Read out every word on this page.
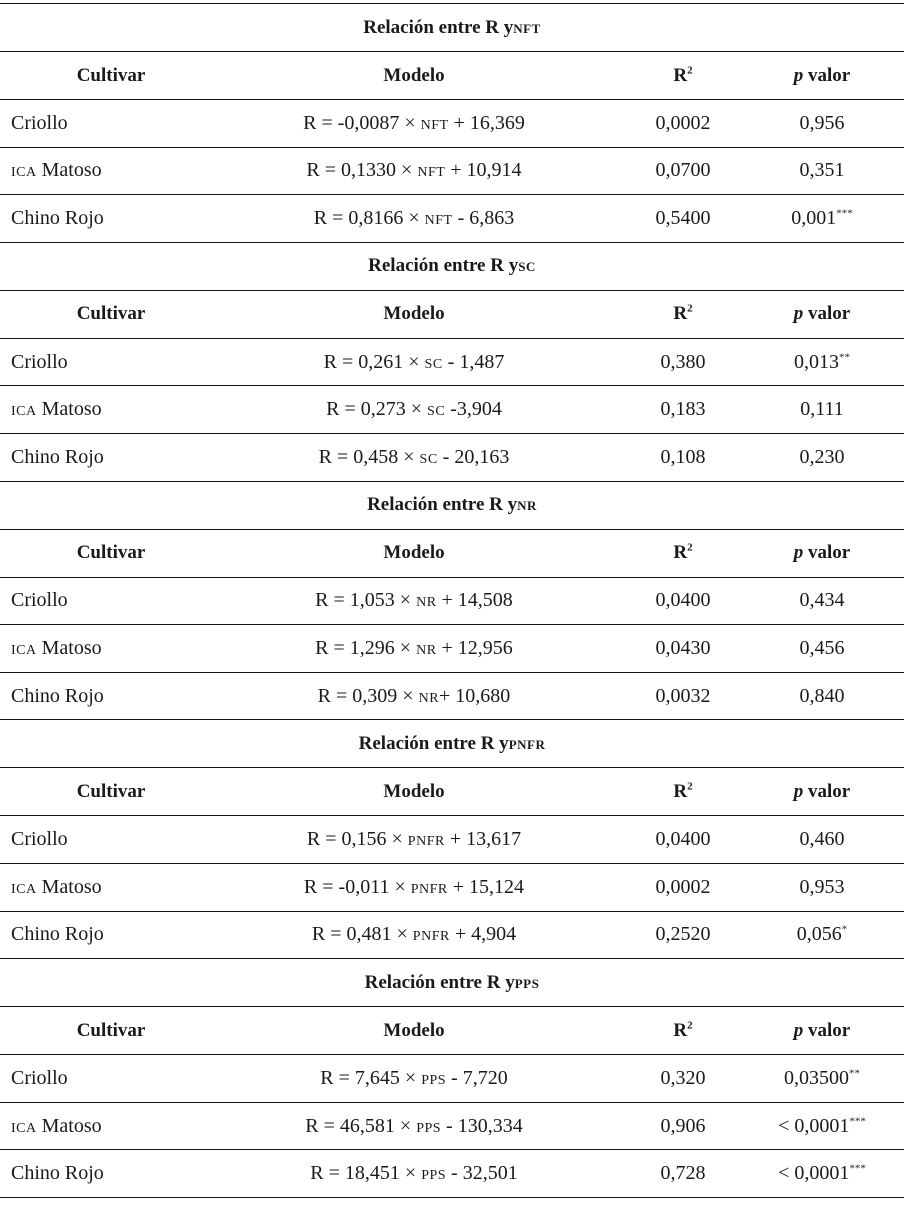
Relación entre R y nft
Cultivar	Modelo	$R^2$	p valor
Criollo	R = -0,0087 × nft + 16,369	0,0002	0,956
ica Matoso	R = 0,1330 × nft + 10,914	0,0700	0,351
Chino Rojo	R = 0,8166 × nft - 6,863	0,5400	0,001***
Relación entre R y sc
Cultivar	Modelo	$R^2$	p valor
Criollo	R = 0,261 × sc - 1,487	0,380	0,013**
ica Matoso	R = 0,273 × sc -3,904	0,183	0,111
Chino Rojo	R = 0,458 × sc - 20,163	0,108	0,230
Relación entre R y nr
Cultivar	Modelo	$R^2$	p valor
Criollo	R = 1,053 × nr + 14,508	0,0400	0,434
ica Matoso	R = 1,296 × nr + 12,956	0,0430	0,456
Chino Rojo	R = 0,309 × nr+ 10,680	0,0032	0,840
Relación entre R y pnfr
Cultivar	Modelo	$R^2$	p valor
Criollo	R = 0,156 × pnfr + 13,617	0,0400	0,460
ica Matoso	R = -0,011 × pnfr + 15,124	0,0002	0,953
Chino Rojo	R = 0,481 × pnfr + 4,904	0,2520	0,056*
Relación entre R y pps
Cultivar	Modelo	$R^2$	p valor
Criollo	R = 7,645 × pps - 7,720	0,320	0,03500**
ica Matoso	R = 46,581 × pps - 130,334	0,906	< 0,0001***
Chino Rojo	R = 18,451 × pps - 32,501	0,728	< 0,0001***
